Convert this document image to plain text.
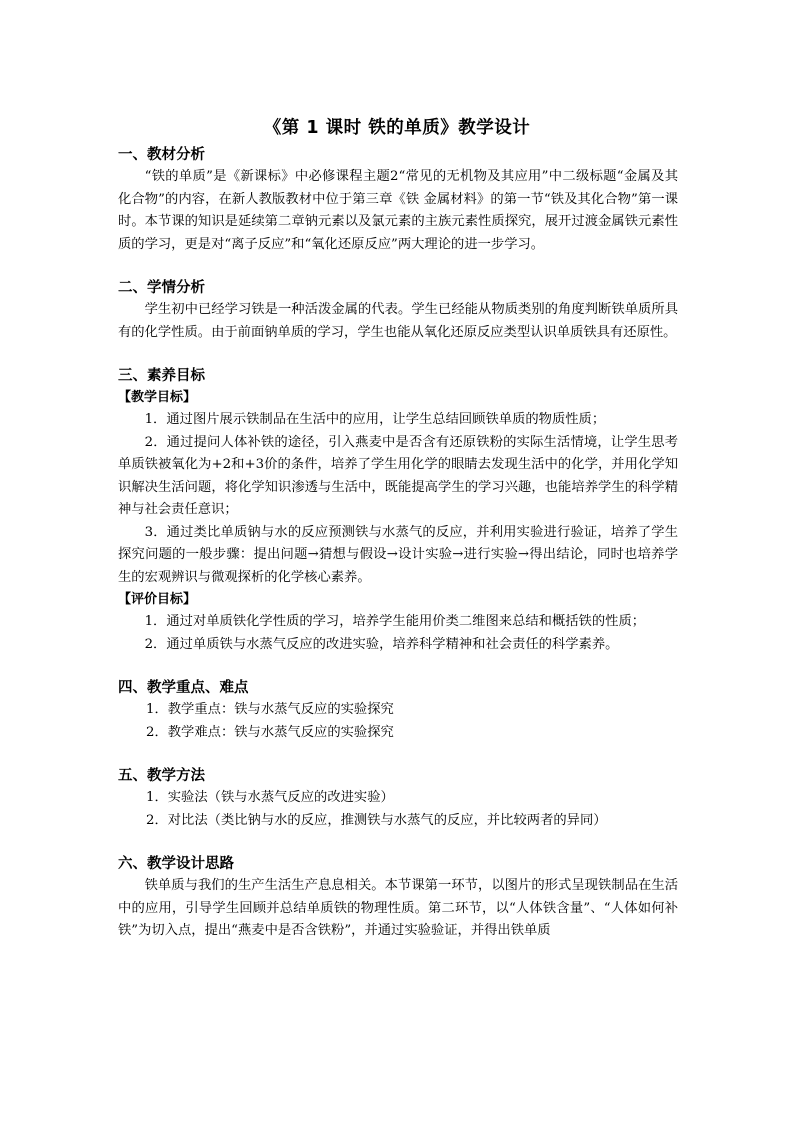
《第 1 课时 铁的单质》教学设计
一、教材分析

“铁的单质”是《新课标》中必修课程主题2“常见的无机物及其应用”中二级标题“金属及其化合物”的内容，在新人教版教材中位于第三章《铁 金属材料》的第一节“铁及其化合物”第一课时。本节课的知识是延续第二章钠元素以及氯元素的主族元素性质探究，展开过渡金属铁元素性质的学习，更是对“离子反应”和“氧化还原反应”两大理论的进一步学习。

二、学情分析

学生初中已经学习铁是一种活泼金属的代表。学生已经能从物质类别的角度判断铁单质所具有的化学性质。由于前面钠单质的学习，学生也能从氧化还原反应类型认识单质铁具有还原性。

三、素养目标
【教学目标】

1．通过图片展示铁制品在生活中的应用，让学生总结回顾铁单质的物质性质；

2．通过提问人体补铁的途径，引入燕麦中是否含有还原铁粉的实际生活情境，让学生思考单质铁被氧化为+2和+3价的条件，培养了学生用化学的眼睛去发现生活中的化学，并用化学知识解决生活问题，将化学知识渗透与生活中，既能提高学生的学习兴趣，也能培养学生的科学精神与社会责任意识；

3．通过类比单质钠与水的反应预测铁与水蒸气的反应，并利用实验进行验证，培养了学生探究问题的一般步骤：提出问题→猜想与假设→设计实验→进行实验→得出结论，同时也培养学生的宏观辨识与微观探析的化学核心素养。

【评价目标】

1．通过对单质铁化学性质的学习，培养学生能用价类二维图来总结和概括铁的性质；

2．通过单质铁与水蒸气反应的改进实验，培养科学精神和社会责任的科学素养。

四、教学重点、难点

1．教学重点：铁与水蒸气反应的实验探究

2．教学难点：铁与水蒸气反应的实验探究

五、教学方法

1．实验法（铁与水蒸气反应的改进实验）

2．对比法（类比钠与水的反应，推测铁与水蒸气的反应，并比较两者的异同）

六、教学设计思路

铁单质与我们的生产生活生产息息相关。本节课第一环节，以图片的形式呈现铁制品在生活中的应用，引导学生回顾并总结单质铁的物理性质。第二环节，以“人体铁含量”、“人体如何补铁”为切入点，提出“燕麦中是否含铁粉”，并通过实验验证，并得出铁单质
